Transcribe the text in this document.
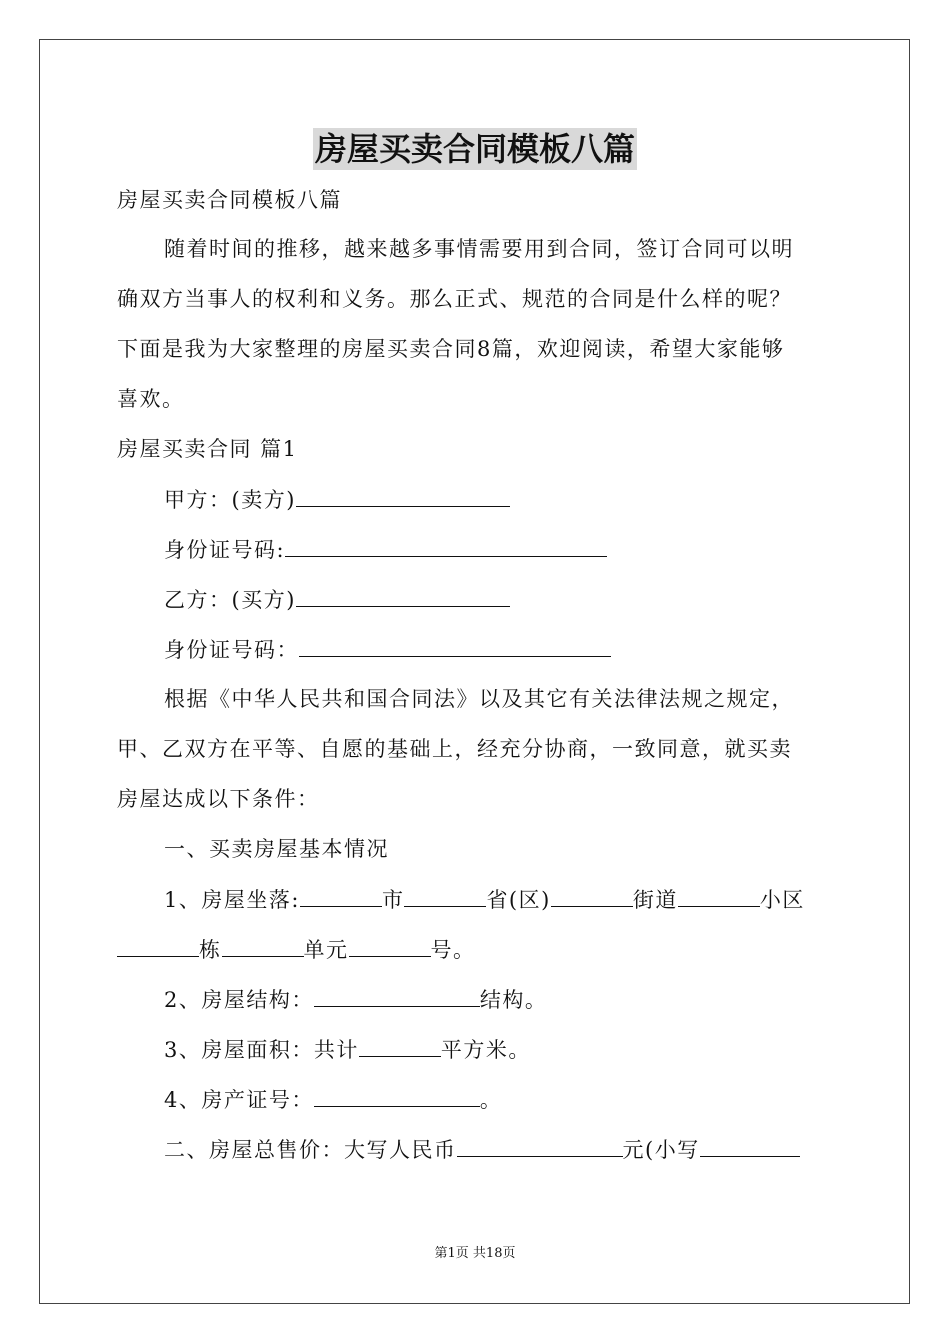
房屋买卖合同模板八篇
房屋买卖合同模板八篇
随着时间的推移，越来越多事情需要用到合同，签订合同可以明
确双方当事人的权利和义务。那么正式、规范的合同是什么样的呢？
下面是我为大家整理的房屋买卖合同8篇，欢迎阅读，希望大家能够
喜欢。
房屋买卖合同 篇1
甲方：(卖方)
身份证号码:
乙方：(买方)
身份证号码：
根据《中华人民共和国合同法》以及其它有关法律法规之规定，
甲、乙双方在平等、自愿的基础上，经充分协商，一致同意，就买卖
房屋达成以下条件：
一、买卖房屋基本情况
1、房屋坐落:	市	省(区)	街道	小区
栋	单元	号。
2、房屋结构：	结构。
3、房屋面积：共计	平方米。
4、房产证号：	。
二、房屋总售价：大写人民币	元(小写
第1页 共18页
